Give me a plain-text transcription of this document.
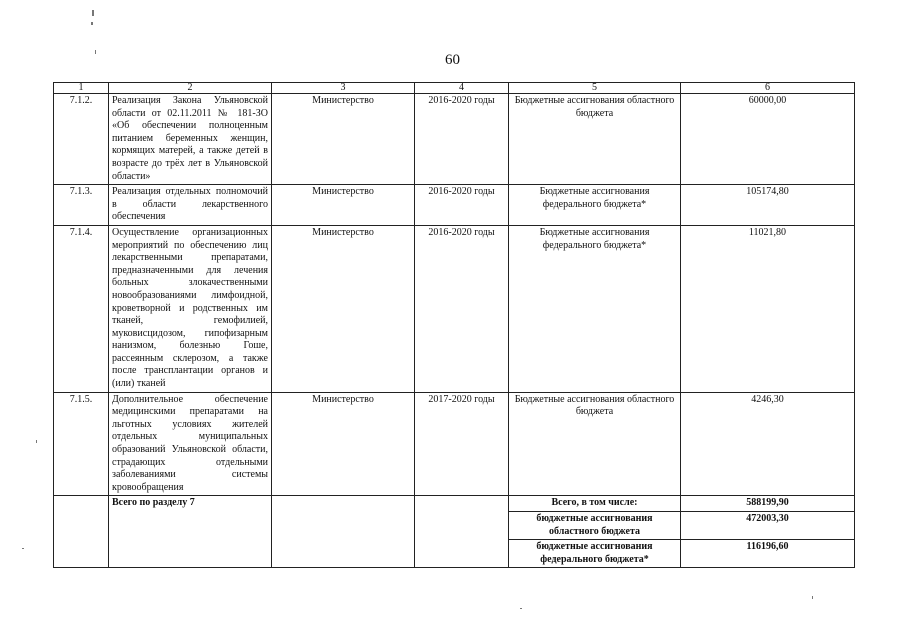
60
1	2	3	4	5	6
7.1.2.	Реализация Закона Ульяновской области от 02.11.2011 № 181-ЗО «Об обеспечении полноценным питанием беременных женщин, кормящих матерей, а также детей в возрасте до трёх лет в Ульяновской области»	Министерство	2016-2020 годы	Бюджетные ассигнования областного бюджета	60000,00
7.1.3.	Реализация отдельных полномочий в области лекарственного обеспечения	Министерство	2016-2020 годы	Бюджетные ассигнования федерального бюджета*	105174,80
7.1.4.	Осуществление организационных мероприятий по обеспечению лиц лекарственными препаратами, предназначенными для лечения больных злокачественными новообразованиями лимфоидной, кроветворной и родственных им тканей, гемофилией, муковисцидозом, гипофизарным нанизмом, болезнью Гоше, рассеянным склерозом, а также после трансплантации органов и (или) тканей	Министерство	2016-2020 годы	Бюджетные ассигнования федерального бюджета*	11021,80
7.1.5.	Дополнительное обеспечение медицинскими препаратами на льготных условиях жителей отдельных муниципальных образований Ульяновской области, страдающих отдельными заболеваниями системы кровообращения	Министерство	2017-2020 годы	Бюджетные ассигнования областного бюджета	4246,30
	Всего по разделу 7			Всего, в том числе:	588199,90
				бюджетные ассигнования областного бюджета	472003,30
				бюджетные ассигнования федерального бюджета*	116196,60
